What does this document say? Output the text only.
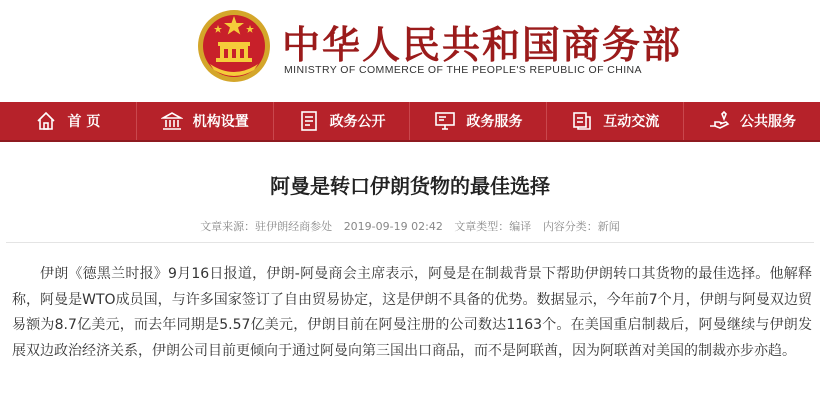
中华人民共和国商务部
MINISTRY OF COMMERCE OF THE PEOPLE'S REPUBLIC OF CHINA
首 页	机构设置	政务公开	政务服务	互动交流	公共服务
阿曼是转口伊朗货物的最佳选择
文章来源：驻伊朗经商参处 2019-09-19 02:42 文章类型：编译 内容分类：新闻

伊朗《德黑兰时报》9月16日报道，伊朗-阿曼商会主席表示，阿曼是在制裁背景下帮助伊朗转口其货物的最佳选择。他解释称，阿曼是WTO成员国，与许多国家签订了自由贸易协定，这是伊朗不具备的优势。数据显示，今年前7个月，伊朗与阿曼双边贸易额为8.7亿美元，而去年同期是5.57亿美元，伊朗目前在阿曼注册的公司数达1163个。在美国重启制裁后，阿曼继续与伊朗发展双边政治经济关系，伊朗公司目前更倾向于通过阿曼向第三国出口商品，而不是阿联酋，因为阿联酋对美国的制裁亦步亦趋。
